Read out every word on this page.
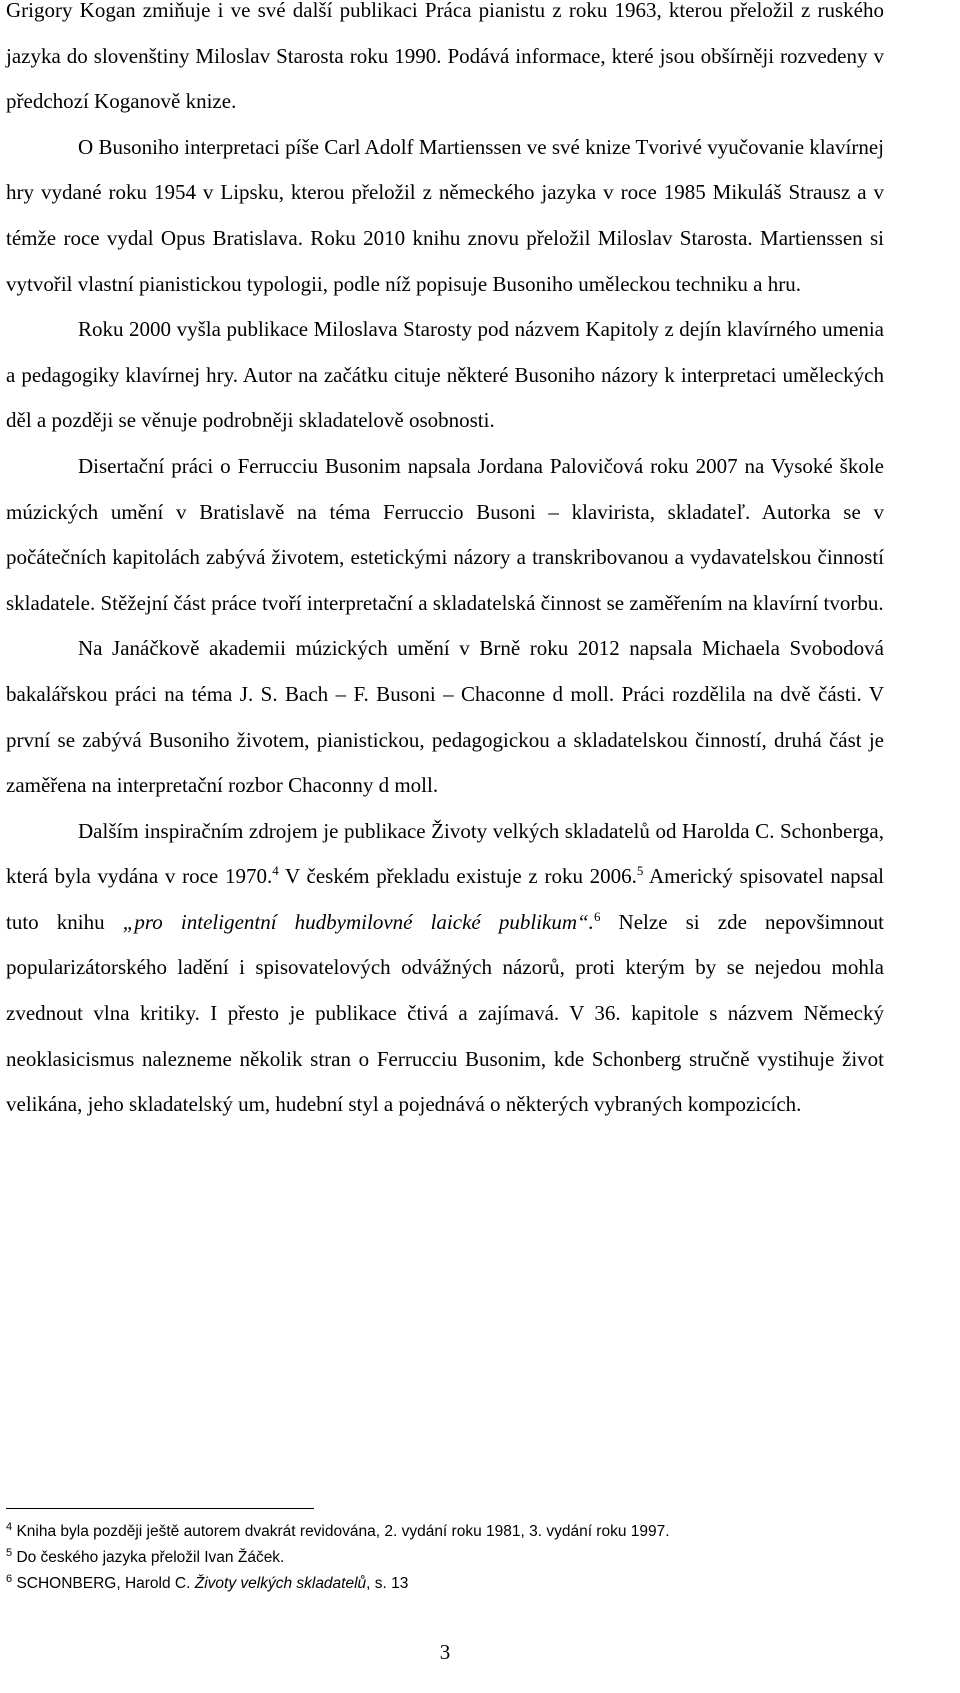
Grigory Kogan zmiňuje i ve své další publikaci Práca pianistu z roku 1963, kterou přeložil z ruského jazyka do slovenštiny Miloslav Starosta roku 1990. Podává informace, které jsou obšírněji rozvedeny v předchozí Koganově knize.

O Busoniho interpretaci píše Carl Adolf Martienssen ve své knize Tvorivé vyučovanie klavírnej hry vydané roku 1954 v Lipsku, kterou přeložil z německého jazyka v roce 1985 Mikuláš Strausz a v témže roce vydal Opus Bratislava. Roku 2010 knihu znovu přeložil Miloslav Starosta. Martienssen si vytvořil vlastní pianistickou typologii, podle níž popisuje Busoniho uměleckou techniku a hru.

Roku 2000 vyšla publikace Miloslava Starosty pod názvem Kapitoly z dejín klavírného umenia a pedagogiky klavírnej hry. Autor na začátku cituje některé Busoniho názory k interpretaci uměleckých děl a později se věnuje podrobněji skladatelově osobnosti.

Disertační práci o Ferrucciu Busonim napsala Jordana Palovičová roku 2007 na Vysoké škole múzických umění v Bratislavě na téma Ferruccio Busoni – klavirista, skladateľ. Autorka se v počátečních kapitolách zabývá životem, estetickými názory a transkribovanou a vydavatelskou činností skladatele. Stěžejní část práce tvoří interpretační a skladatelská činnost se zaměřením na klavírní tvorbu.

Na Janáčkově akademii múzických umění v Brně roku 2012 napsala Michaela Svobodová bakalářskou práci na téma J. S. Bach – F. Busoni – Chaconne d moll. Práci rozdělila na dvě části. V první se zabývá Busoniho životem, pianistickou, pedagogickou a skladatelskou činností, druhá část je zaměřena na interpretační rozbor Chaconny d moll.

Dalším inspiračním zdrojem je publikace Životy velkých skladatelů od Harolda C. Schonberga, která byla vydána v roce 1970.$^4$ V českém překladu existuje z roku 2006.$^5$ Americký spisovatel napsal tuto knihu „pro inteligentní hudbymilovné laické publikum“.$^6$ Nelze si zde nepovšimnout popularizátorského ladění i spisovatelových odvážných názorů, proti kterým by se nejedou mohla zvednout vlna kritiky. I přesto je publikace čtivá a zajímavá. V 36. kapitole s názvem Německý neoklasicismus nalezneme několik stran o Ferrucciu Busonim, kde Schonberg stručně vystihuje život velikána, jeho skladatelský um, hudební styl a pojednává o některých vybraných kompozicích.

$^4$ Kniha byla později ještě autorem dvakrát revidována, 2. vydání roku 1981, 3. vydání roku 1997.
$^5$ Do českého jazyka přeložil Ivan Žáček.
$^6$ SCHONBERG, Harold C. Životy velkých skladatelů, s. 13
3
